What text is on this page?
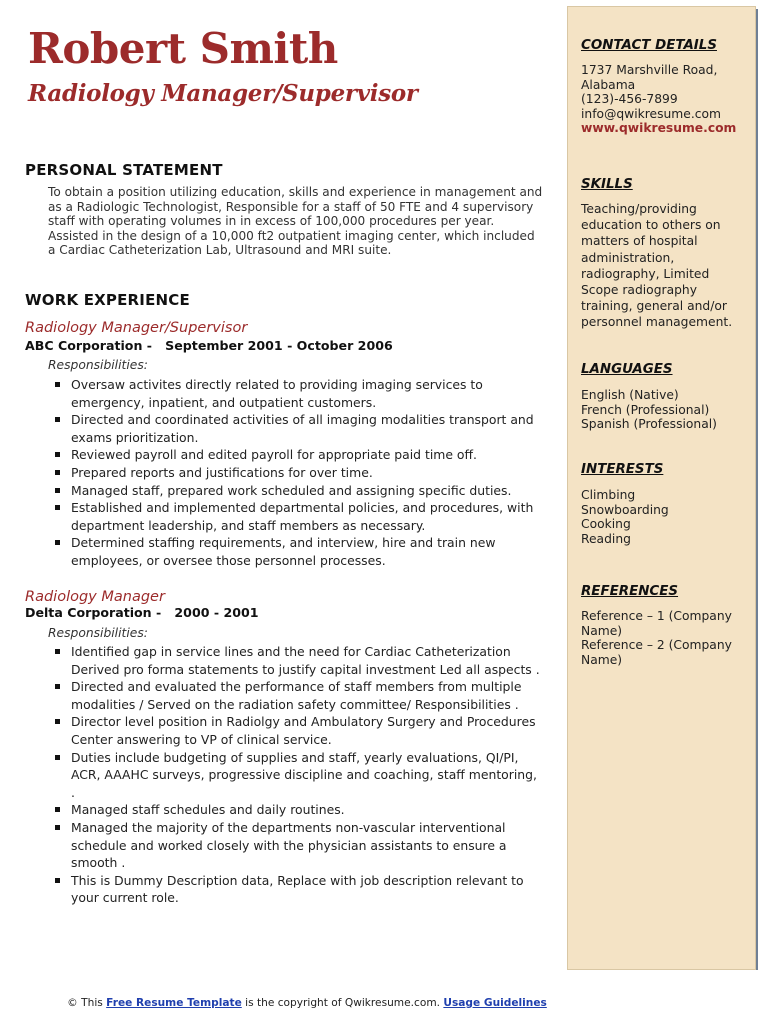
Robert Smith
Radiology Manager/Supervisor
PERSONAL STATEMENT

To obtain a position utilizing education, skills and experience in management and as a Radiologic Technologist, Responsible for a staff of 50 FTE and 4 supervisory staff with operating volumes in in excess of 100,000 procedures per year. Assisted in the design of a 10,000 ft2 outpatient imaging center, which included a Cardiac Catheterization Lab, Ultrasound and MRI suite.

WORK EXPERIENCE
Radiology Manager/Supervisor
ABC Corporation -   September 2001 - October 2006
Responsibilities:
Oversaw activites directly related to providing imaging services to emergency, inpatient, and outpatient customers.
Directed and coordinated activities of all imaging modalities transport and exams prioritization.
Reviewed payroll and edited payroll for appropriate paid time off.
Prepared reports and justifications for over time.
Managed staff, prepared work scheduled and assigning specific duties.
Established and implemented departmental policies, and procedures, with department leadership, and staff members as necessary.
Determined staffing requirements, and interview, hire and train new employees, or oversee those personnel processes.
Radiology Manager
Delta Corporation -   2000 - 2001
Responsibilities:
Identified gap in service lines and the need for Cardiac Catheterization Derived pro forma statements to justify capital investment Led all aspects .
Directed and evaluated the performance of staff members from multiple modalities / Served on the radiation safety committee/ Responsibilities .
Director level position in Radiolgy and Ambulatory Surgery and Procedures Center answering to VP of clinical service.
Duties include budgeting of supplies and staff, yearly evaluations, QI/PI, ACR, AAAHC surveys, progressive discipline and coaching, staff mentoring, .
Managed staff schedules and daily routines.
Managed the majority of the departments non-vascular interventional schedule and worked closely with the physician assistants to ensure a smooth .
This is Dummy Description data, Replace with job description relevant to your current role.
CONTACT DETAILS
1737 Marshville Road, Alabama
(123)-456-7899
info@qwikresume.com
www.qwikresume.com
SKILLS
Teaching/providing education to others on matters of hospital administration, radiography, Limited Scope radiography training, general and/or personnel management.
LANGUAGES
English (Native)
French (Professional)
Spanish (Professional)
INTERESTS
Climbing
Snowboarding
Cooking
Reading
REFERENCES
Reference – 1 (Company Name)
Reference – 2 (Company Name)
© This Free Resume Template is the copyright of Qwikresume.com. Usage Guidelines
